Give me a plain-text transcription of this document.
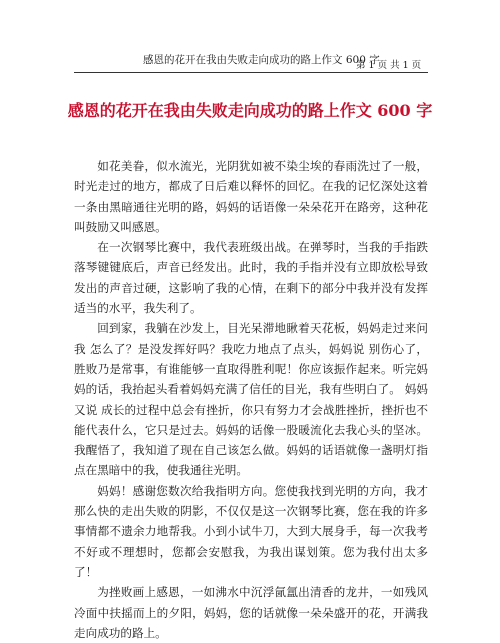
感恩的花开在我由失败走向成功的路上作文 600 字
第 1 页 共 1 页
感恩的花开在我由失败走向成功的路上作文 600 字

如花美眷，似水流光，光阴犹如被不染尘埃的春雨洗过了一般，时光走过的地方，都成了日后难以释怀的回忆。在我的记忆深处这着一条由黑暗通往光明的路，妈妈的话语像一朵朵花开在路旁，这种花叫鼓励又叫感恩。

在一次钢琴比赛中，我代表班级出战。在弹琴时，当我的手指跌落琴键键底后，声音已经发出。此时，我的手指并没有立即放松导致发出的声音过硬，这影响了我的心情，在剩下的部分中我并没有发挥适当的水平，我失利了。

回到家，我躺在沙发上，目光呆滞地瞅着天花板，妈妈走过来问我 怎么了？是没发挥好吗？我吃力地点了点头，妈妈说 别伤心了，胜败乃是常事，有谁能够一直取得胜利呢！你应该振作起来。听完妈妈的话，我抬起头看着妈妈充满了信任的目光，我有些明白了。 妈妈又说 成长的过程中总会有挫折，你只有努力才会战胜挫折，挫折也不能代表什么，它只是过去。妈妈的话像一股暖流化去我心头的坚冰。我醒悟了，我知道了现在自己该怎么做。妈妈的话语就像一盏明灯指点在黑暗中的我，使我通往光明。

妈妈！感谢您数次给我指明方向。您使我找到光明的方向，我才那么快的走出失败的阴影，不仅仅是这一次钢琴比赛，您在我的许多事情都不遗余力地帮我。小到小试牛刀，大到大展身手，每一次我考不好或不理想时，您都会安慰我，为我出谋划策。您为我付出太多了！

为挫败画上感恩，一如沸水中沉浮氤氲出清香的龙井，一如残风冷面中扶摇而上的夕阳，妈妈，您的话就像一朵朵盛开的花，开满我走向成功的路上。
